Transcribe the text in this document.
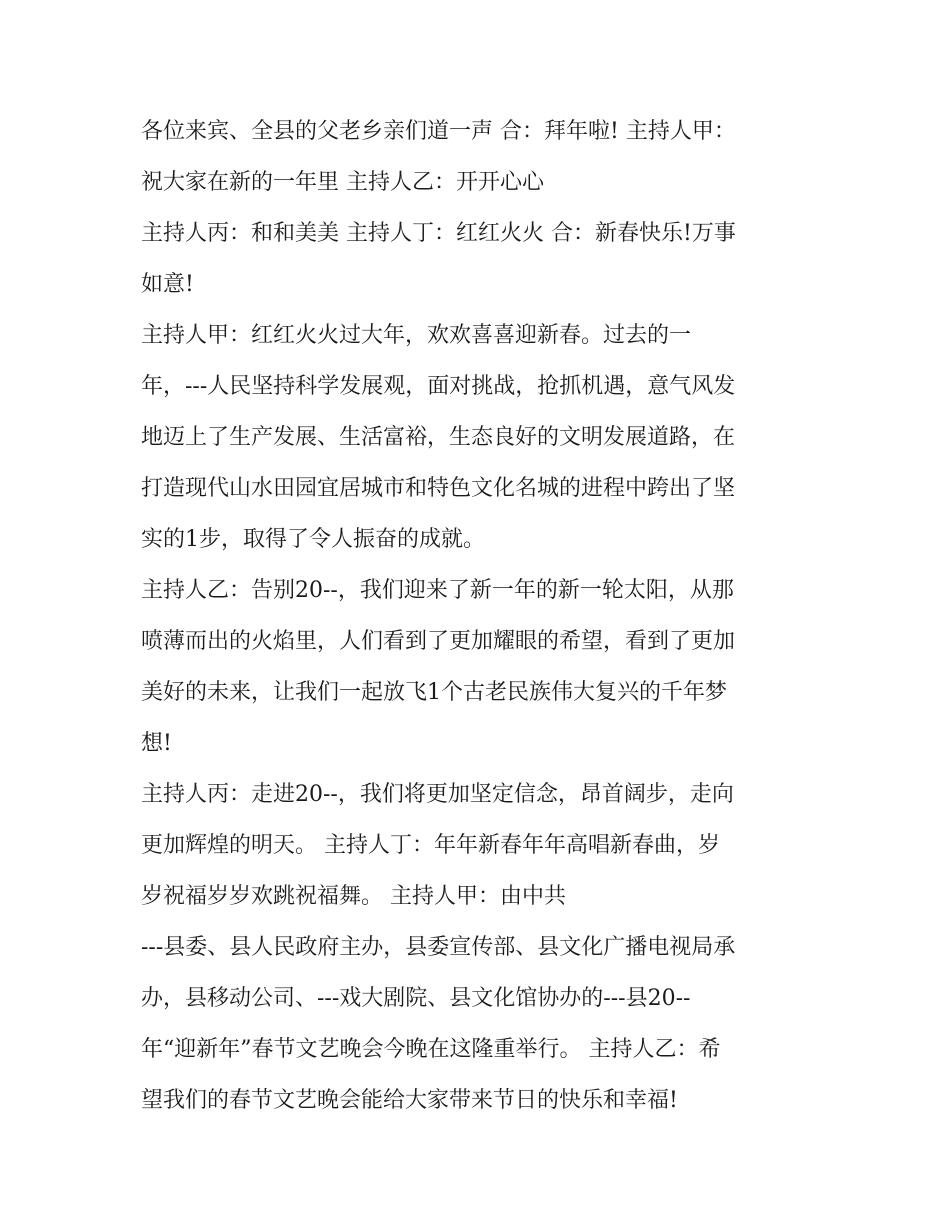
各位来宾、全县的父老乡亲们道一声 合：拜年啦! 主持人甲：
祝大家在新的一年里 主持人乙：开开心心
主持人丙：和和美美 主持人丁：红红火火 合：新春快乐!万事
如意!
主持人甲：红红火火过大年，欢欢喜喜迎新春。过去的一
年，---人民坚持科学发展观，面对挑战，抢抓机遇，意气风发
地迈上了生产发展、生活富裕，生态良好的文明发展道路，在
打造现代山水田园宜居城市和特色文化名城的进程中跨出了坚
实的1步，取得了令人振奋的成就。
主持人乙：告别20--，我们迎来了新一年的新一轮太阳，从那
喷薄而出的火焰里，人们看到了更加耀眼的希望，看到了更加
美好的未来，让我们一起放飞1个古老民族伟大复兴的千年梦
想!
主持人丙：走进20--，我们将更加坚定信念，昂首阔步，走向
更加辉煌的明天。 主持人丁：年年新春年年高唱新春曲，岁
岁祝福岁岁欢跳祝福舞。 主持人甲：由中共
---县委、县人民政府主办，县委宣传部、县文化广播电视局承
办，县移动公司、---戏大剧院、县文化馆协办的---县20--
年“迎新年”春节文艺晚会今晚在这隆重举行。 主持人乙：希
望我们的春节文艺晚会能给大家带来节日的快乐和幸福!
